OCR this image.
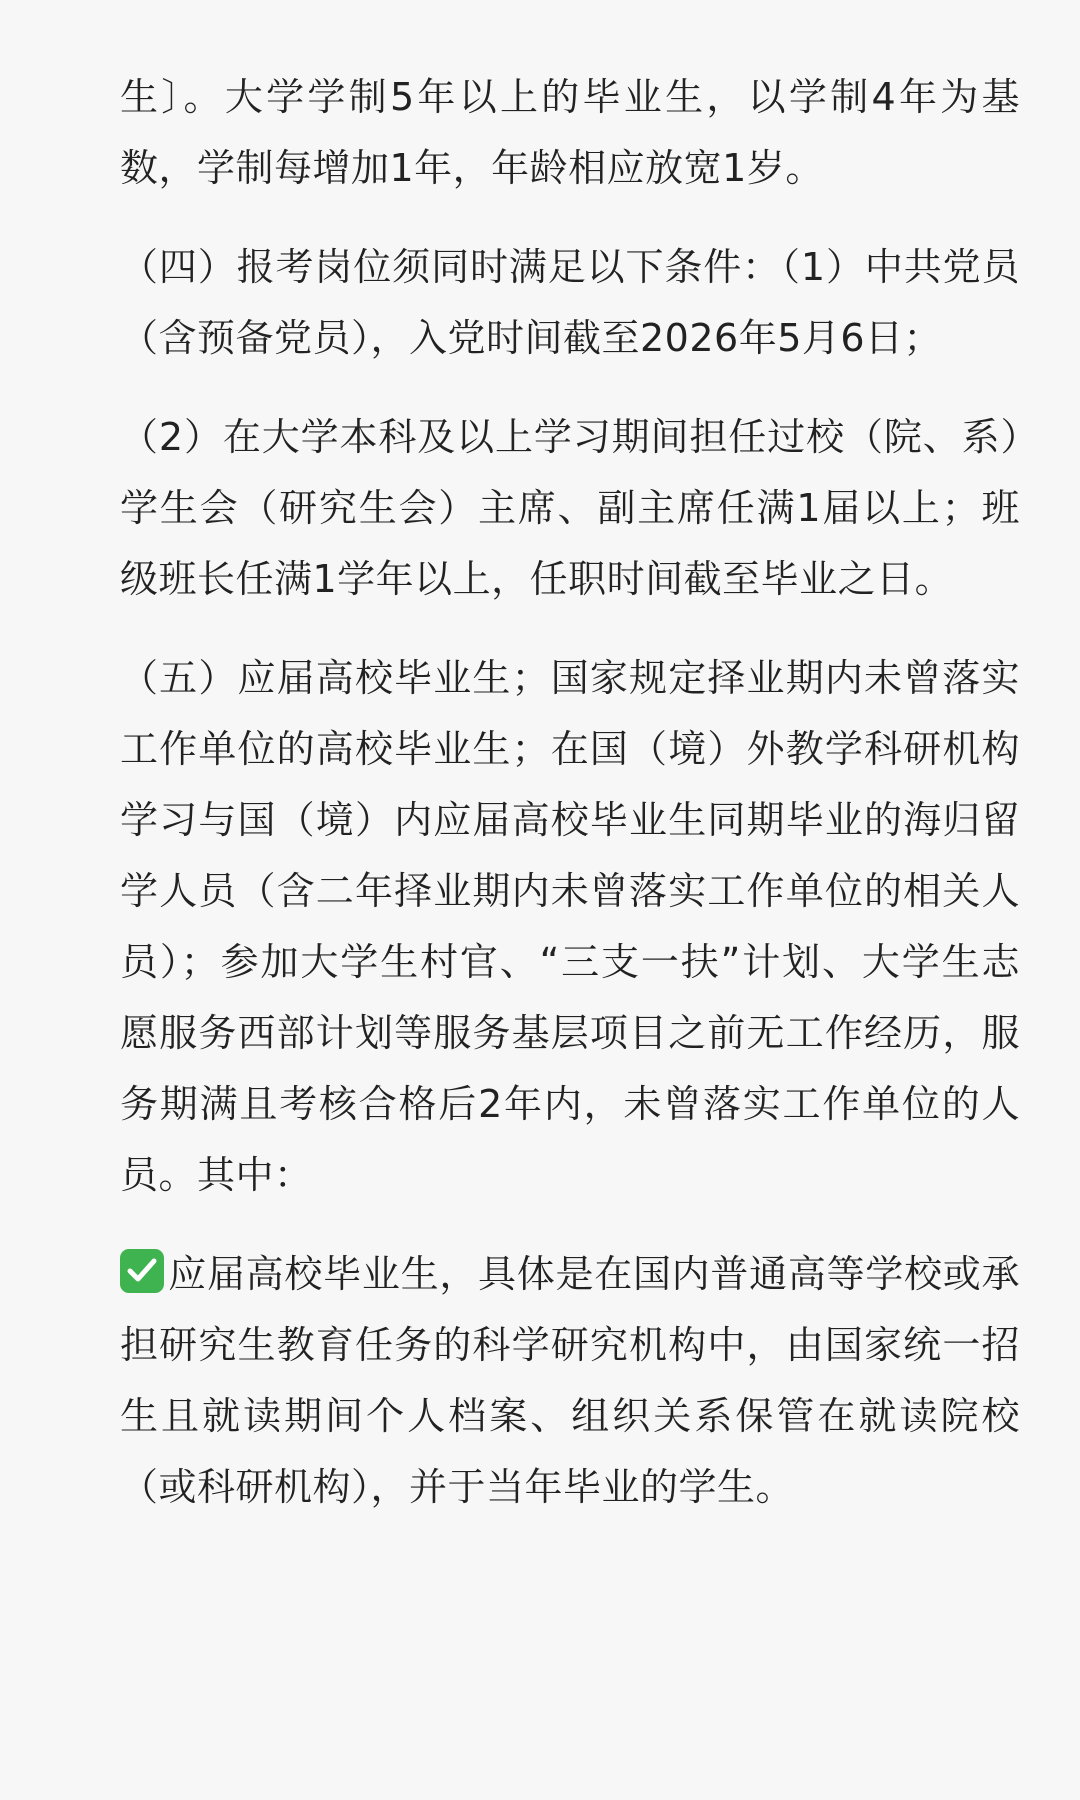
生〕。大学学制5年以上的毕业生，以学制4年为基数，学制每增加1年，年龄相应放宽1岁。

（四）报考岗位须同时满足以下条件：（1）中共党员（含预备党员），入党时间截至2026年5月6日；

（2）在大学本科及以上学习期间担任过校（院、系）学生会（研究生会）主席、副主席任满1届以上；班级班长任满1学年以上，任职时间截至毕业之日。

（五）应届高校毕业生；国家规定择业期内未曾落实工作单位的高校毕业生；在国（境）外教学科研机构学习与国（境）内应届高校毕业生同期毕业的海归留学人员（含二年择业期内未曾落实工作单位的相关人员）；参加大学生村官、“三支一扶”计划、大学生志愿服务西部计划等服务基层项目之前无工作经历，服务期满且考核合格后2年内，未曾落实工作单位的人员。其中：

应届高校毕业生，具体是在国内普通高等学校或承担研究生教育任务的科学研究机构中，由国家统一招生且就读期间个人档案、组织关系保管在就读院校（或科研机构），并于当年毕业的学生。
